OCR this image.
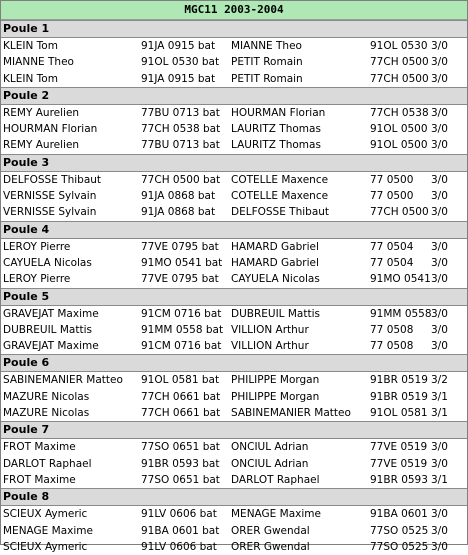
MGC11 2003-2004
Poule 1
KLEIN Tom	91JA 0915 bat MIANNE Theo	91OL 0530 3/0
MIANNE Theo	91OL 0530 bat PETIT Romain	77CH 0500 3/0
KLEIN Tom	91JA 0915 bat PETIT Romain	77CH 0500 3/0
Poule 2
REMY Aurelien	77BU 0713 bat HOURMAN Florian	77CH 0538 3/0
HOURMAN Florian	77CH 0538 bat LAURITZ Thomas	91OL 0500 3/0
REMY Aurelien	77BU 0713 bat LAURITZ Thomas	91OL 0500 3/0
Poule 3
DELFOSSE Thibaut	77CH 0500 bat COTELLE Maxence	77 0500 3/0
VERNISSE Sylvain	91JA 0868 bat COTELLE Maxence	77 0500 3/0
VERNISSE Sylvain	91JA 0868 bat DELFOSSE Thibaut	77CH 0500 3/0
Poule 4
LEROY Pierre	77VE 0795 bat HAMARD Gabriel	77 0504 3/0
CAYUELA Nicolas	91MO 0541 bat HAMARD Gabriel	77 0504 3/0
LEROY Pierre	77VE 0795 bat CAYUELA Nicolas	91MO 0541 3/0
Poule 5
GRAVEJAT Maxime	91CM 0716 bat DUBREUIL Mattis	91MM 0558 3/0
DUBREUIL Mattis	91MM 0558 bat VILLION Arthur	77 0508 3/0
GRAVEJAT Maxime	91CM 0716 bat VILLION Arthur	77 0508 3/0
Poule 6
SABINEMANIER Matteo 91OL 0581 bat PHILIPPE Morgan	91BR 0519 3/2
MAZURE Nicolas	77CH 0661 bat PHILIPPE Morgan	91BR 0519 3/1
MAZURE Nicolas	77CH 0661 bat SABINEMANIER Matteo 91OL 0581 3/1
Poule 7
FROT Maxime	77SO 0651 bat ONCIUL Adrian	77VE 0519 3/0
DARLOT Raphael	91BR 0593 bat ONCIUL Adrian	77VE 0519 3/0
FROT Maxime	77SO 0651 bat DARLOT Raphael	91BR 0593 3/1
Poule 8
SCIEUX Aymeric	91LV 0606 bat MENAGE Maxime	91BA 0601 3/0
MENAGE Maxime	91BA 0601 bat ORER Gwendal	77SO 0525 3/0
SCIEUX Aymeric	91LV 0606 bat ORER Gwendal	77SO 0525 3/0
